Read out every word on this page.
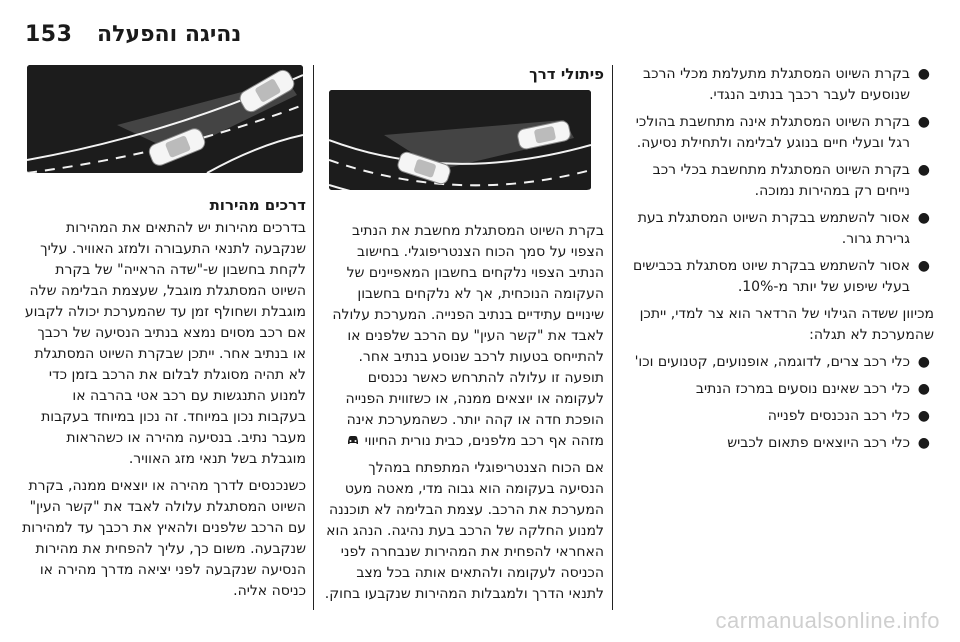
153 נהיגה והפעלה
●
בקרת השיוט המסתגלת מתעלמת מכלי הרכב שנוסעים לעבר רכבך בנתיב הנגדי.
●
בקרת השיוט המסתגלת אינה מתחשבת בהולכי רגל ובעלי חיים בנוגע לבלימה ולתחילת נסיעה.
●
בקרת השיוט המסתגלת מתחשבת בכלי רכב נייחים רק במהירות נמוכה.
●
אסור להשתמש בבקרת השיוט המסתגלת בעת גרירת גרור.
●
אסור להשתמש בבקרת שיוט מסתגלת בכבישים בעלי שיפוע של יותר מ-10%.

מכיוון ששדה הגילוי של הרדאר הוא צר למדי, ייתכן שהמערכת לא תגלה:

●
כלי רכב צרים, לדוגמה, אופנועים, קטנועים וכו'
●
כלי רכב שאינם נוסעים במרכז הנתיב
●
כלי רכב הנכנסים לפנייה
●
כלי רכב היוצאים פתאום לכביש
פיתולי דרך

בקרת השיוט המסתגלת מחשבת את הנתיב הצפוי על סמך הכוח הצנטריפוגלי. בחישוב הנתיב הצפוי נלקחים בחשבון המאפיינים של העקומה הנוכחית, אך לא נלקחים בחשבון שינויים עתידיים בנתיב הפנייה. המערכת עלולה לאבד את "קשר העין" עם הרכב שלפנים או להתייחס בטעות לרכב שנוסע בנתיב אחר. תופעה זו עלולה להתרחש כאשר נכנסים לעקומה או יוצאים ממנה, או כשזווית הפנייה הופכת חדה או קהה יותר. כשהמערכת אינה מזהה אף רכב מלפנים, כבית נורית החיווי

אם הכוח הצנטריפוגלי המתפתח במהלך הנסיעה בעקומה הוא גבוה מדי, מאטה מעט המערכת את הרכב. עצמת הבלימה לא תוכננה למנוע החלקה של הרכב בעת נהיגה. הנהג הוא האחראי להפחית את המהירות שנבחרה לפני הכניסה לעקומה ולהתאים אותה בכל מצב לתנאי הדרך ולמגבלות המהירות שנקבעו בחוק.

דרכים מהירות

בדרכים מהירות יש להתאים את המהירות שנקבעה לתנאי התעבורה ולמזג האוויר. עליך לקחת בחשבון ש-"שדה הראייה" של בקרת השיוט המסתגלת מוגבל, שעצמת הבלימה שלה מוגבלת ושחולף זמן עד שהמערכת יכולה לקבוע אם רכב מסוים נמצא בנתיב הנסיעה של רכבך או בנתיב אחר. ייתכן שבקרת השיוט המסתגלת לא תהיה מסוגלת לבלום את הרכב בזמן כדי למנוע התנגשות עם רכב אטי בהרבה או בעקבות נכון במיוחד. זה נכון במיוחד בעקבות מעבר נתיב. בנסיעה מהירה או כשהראות מוגבלת בשל תנאי מזג האוויר.

כשנכנסים לדרך מהירה או יוצאים ממנה, בקרת השיוט המסתגלת עלולה לאבד את "קשר העין" עם הרכב שלפנים ולהאיץ את רכבך עד למהירות שנקבעה. משום כך, עליך להפחית את מהירות הנסיעה שנקבעה לפני יציאה מדרך מהירה או כניסה אליה.

carmanualsonline.info
